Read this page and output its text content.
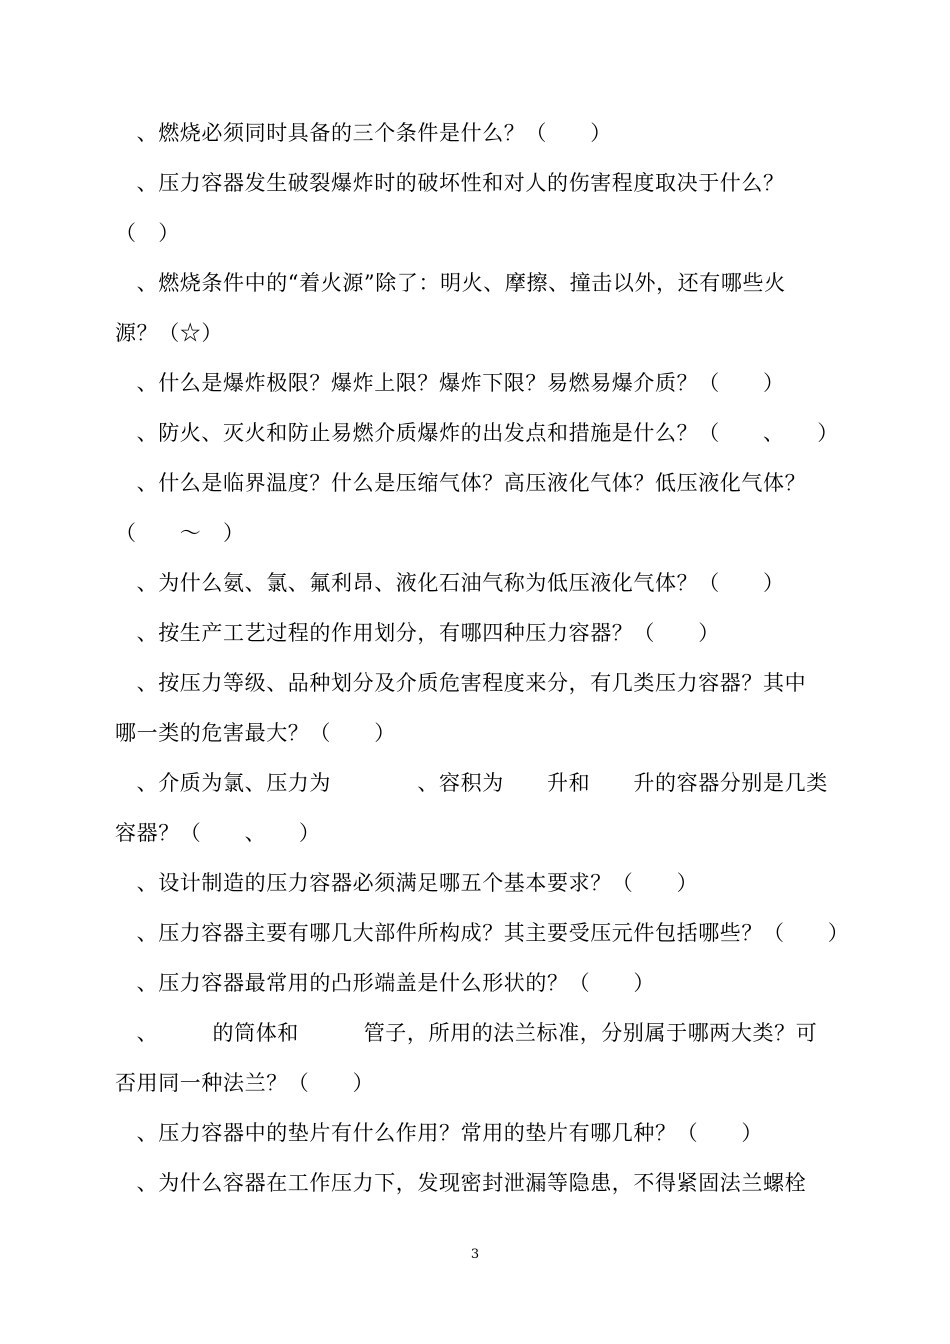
　、燃烧必须同时具备的三个条件是什么？（　　）
　、压力容器发生破裂爆炸时的破坏性和对人的伤害程度取决于什么？
（　）
　、燃烧条件中的“着火源”除了：明火、摩擦、撞击以外，还有哪些火
源？（☆）
　、什么是爆炸极限？爆炸上限？爆炸下限？易燃易爆介质？（　　）
　、防火、灭火和防止易燃介质爆炸的出发点和措施是什么？（　　、　　）
　、什么是临界温度？什么是压缩气体？高压液化气体？低压液化气体？
（　　～　）
　、为什么氨、氯、氟利昂、液化石油气称为低压液化气体？（　　）
　、按生产工艺过程的作用划分，有哪四种压力容器？（　　）
　、按压力等级、品种划分及介质危害程度来分，有几类压力容器？其中
哪一类的危害最大？（　　）
　、介质为氯、压力为　　　　、容积为　　升和　　升的容器分别是几类
容器？（　　、　　）
　、设计制造的压力容器必须满足哪五个基本要求？（　　）
　、压力容器主要有哪几大部件所构成？其主要受压元件包括哪些？（　　）
　、压力容器最常用的凸形端盖是什么形状的？（　　）
　、　　　的筒体和　　　管子，所用的法兰标准，分别属于哪两大类？可
否用同一种法兰？（　　）
　、压力容器中的垫片有什么作用？常用的垫片有哪几种？（　　）
　、为什么容器在工作压力下，发现密封泄漏等隐患，不得紧固法兰螺栓
3
